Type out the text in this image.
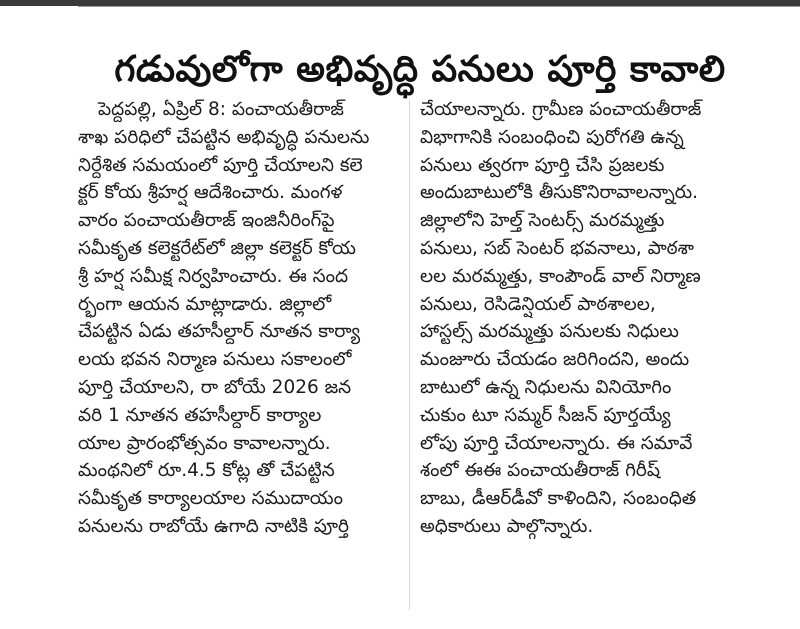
గడువులోగా అభివృద్ధి పనులు పూర్తి కావాలి
పెద్దపల్లి, ఏప్రిల్ 8: పంచాయతీరాజ్
శాఖ పరిధిలో చేపట్టిన అభివృద్ధి పనులను
నిర్దేశిత సమయంలో పూర్తి చేయాలని కలె
క్టర్ కోయ శ్రీహర్ష ఆదేశించారు. మంగళ
వారం పంచాయతీరాజ్ ఇంజినీరింగ్‌పై
సమీకృత కలెక్టరేట్‌లో జిల్లా కలెక్టర్ కోయ
శ్రీ హర్ష సమీక్ష నిర్వహించారు. ఈ సంద
ర్భంగా ఆయన మాట్లాడారు. జిల్లాలో
చేపట్టిన ఏడు తహసీల్దార్ నూతన కార్యా
లయ భవన నిర్మాణ పనులు సకాలంలో
పూర్తి చేయాలని, రా బోయే 2026 జన
వరి 1 నూతన తహసీల్దార్ కార్యాల
యాల ప్రారంభోత్సవం కావాలన్నారు.
మంథనిలో రూ.4.5 కోట్ల తో చేపట్టిన
సమీకృత కార్యాలయాల సముదాయం
పనులను రాబోయే ఉగాది నాటికి పూర్తి
చేయాలన్నారు. గ్రామీణ పంచాయతీరాజ్
విభాగానికి సంబంధించి పురోగతి ఉన్న
పనులు త్వరగా పూర్తి చేసి ప్రజలకు
అందుబాటులోకి తీసుకొనిరావాలన్నారు.
జిల్లాలోని హెల్త్ సెంటర్స్ మరమ్మత్తు
పనులు, సబ్ సెంటర్ భవనాలు, పాఠశా
లల మరమ్మత్తు, కాంపౌండ్ వాల్ నిర్మాణ
పనులు, రెసిడెన్షియల్ పాఠశాలల,
హాస్టల్స్ మరమ్మత్తు పనులకు నిధులు
మంజూరు చేయడం జరిగిందని, అందు
బాటులో ఉన్న నిధులను వినియోగిం
చుకుం టూ సమ్మర్ సీజన్ పూర్తయ్యే
లోపు పూర్తి చేయాలన్నారు. ఈ సమావే
శంలో ఈఈ పంచాయతీరాజ్ గిరీష్
బాబు, డీఆర్‌డీవో కాళిందిని, సంబంధిత
అధికారులు పాల్గొన్నారు.
